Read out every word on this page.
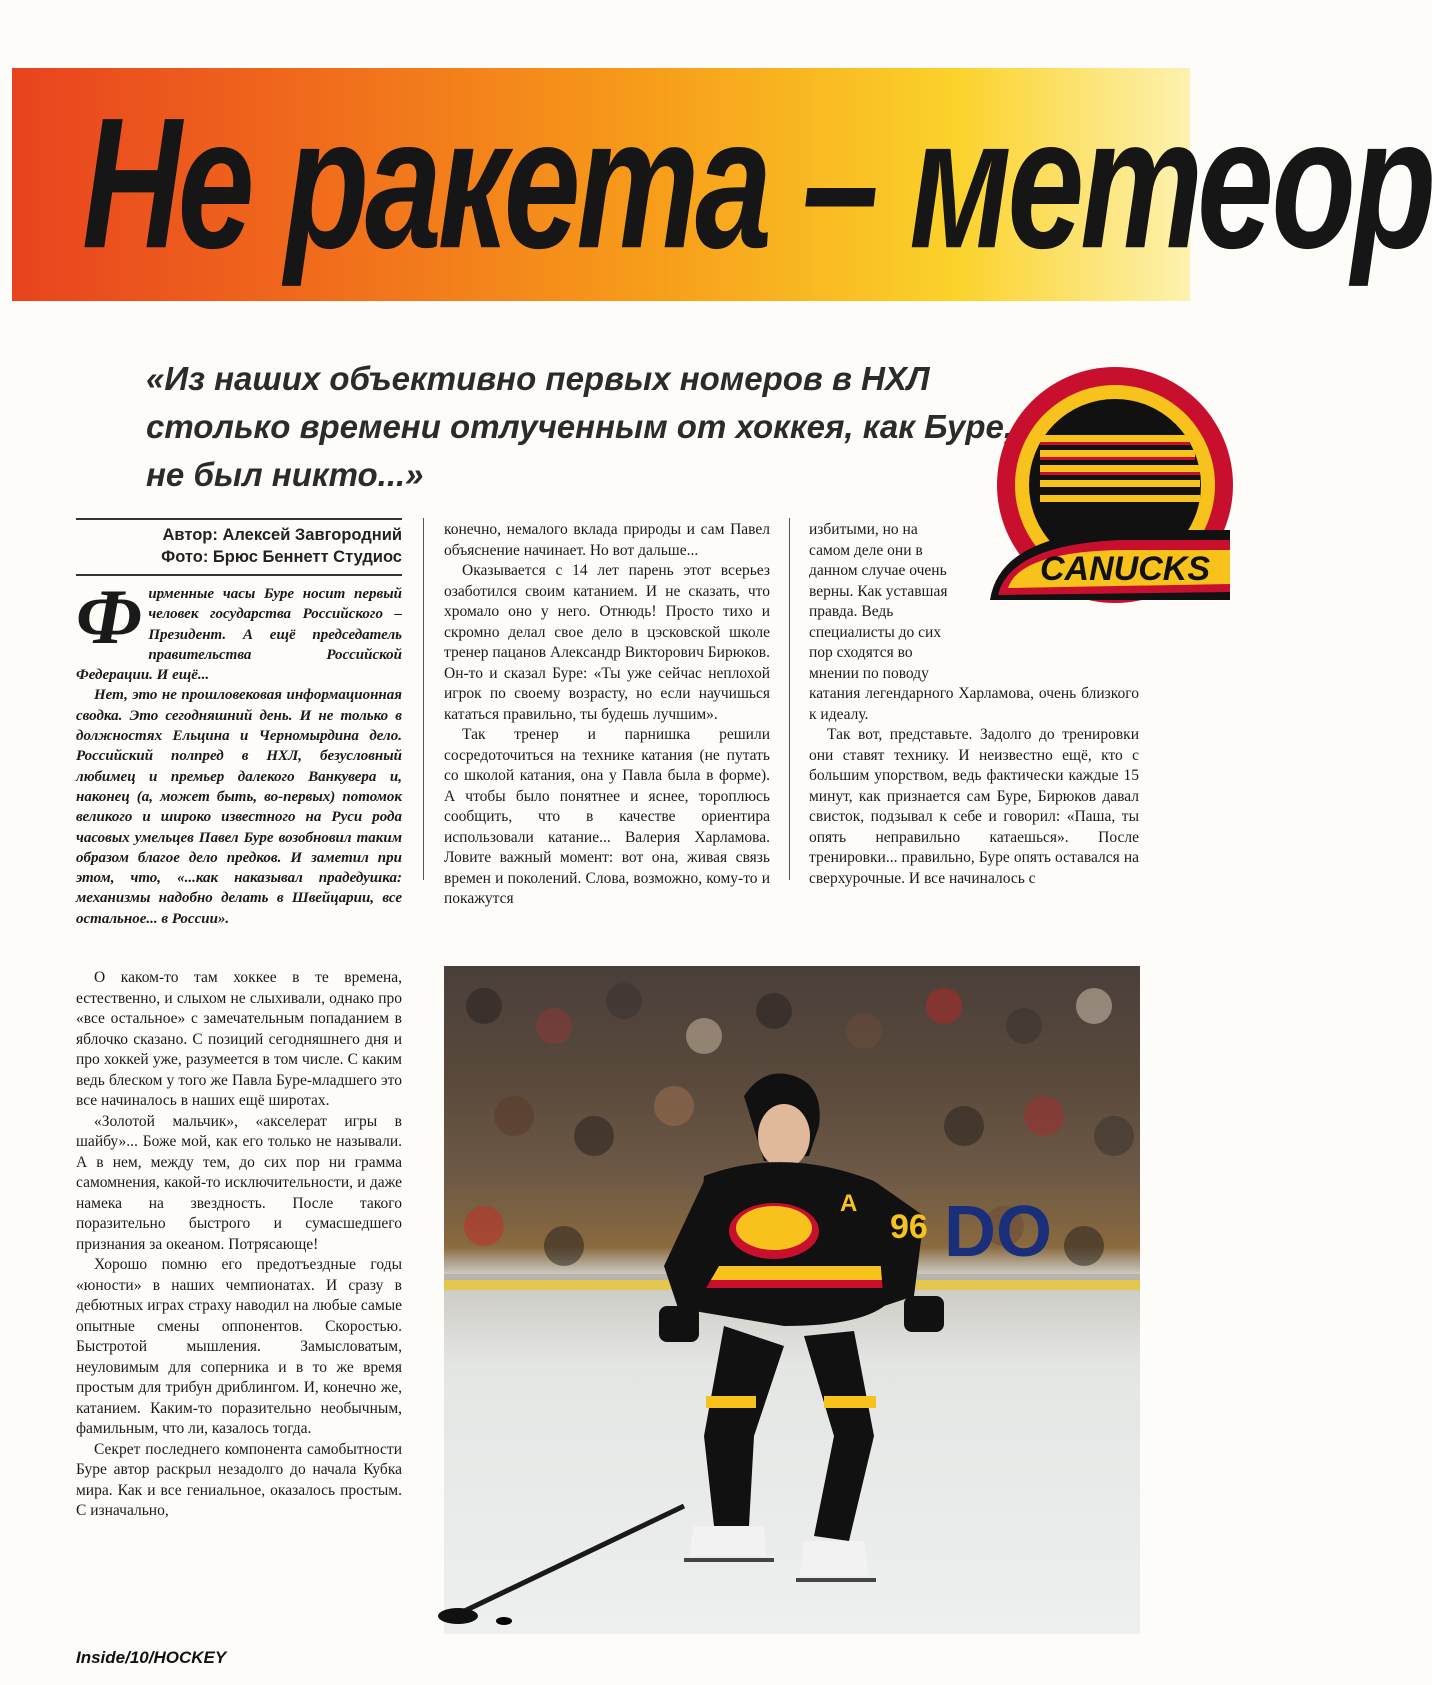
Не ракета – метеор
«Из наших объективно первых номеров в НХЛ столько времени отлученным от хоккея, как Буре, не был никто...»
CANUCKS
Автор: Алексей Завгородний
Фото: Брюс Беннетт Студиос

Фирменные часы Буре носит первый человек государства Российского – Президент. А ещё председатель правительства Российской Федерации. И ещё...

Нет, это не прошловековая информационная сводка. Это сегодняшний день. И не только в должностях Ельцина и Черномырдина дело. Российский полпред в НХЛ, безусловный любимец и премьер далекого Ванкувера и, наконец (а, может быть, во-первых) потомок великого и широко известного на Руси рода часовых умельцев Павел Буре возобновил таким образом благое дело предков. И заметил при этом, что, «...как наказывал прадедушка: механизмы надобно делать в Швейцарии, все остальное... в России».

О каком-то там хоккее в те времена, естественно, и слыхом не слыхивали, однако про «все остальное» с замечательным попаданием в яблочко сказано. С позиций сегодняшнего дня и про хоккей уже, разумеется в том числе. С каким ведь блеском у того же Павла Буре-младшего это все начиналось в наших ещё широтах.

«Золотой мальчик», «акселерат игры в шайбу»... Боже мой, как его только не называли. А в нем, между тем, до сих пор ни грамма самомнения, какой-то исключительности, и даже намека на звездность. После такого поразительно быстрого и сумасшедшего признания за океаном. Потрясающе!

Хорошо помню его предотъездные годы «юности» в наших чемпионатах. И сразу в дебютных играх страху наводил на любые самые опытные смены оппонентов. Скоростью. Быстротой мышления. Замысловатым, неуловимым для соперника и в то же время простым для трибун дриблингом. И, конечно же, катанием. Каким-то поразительно необычным, фамильным, что ли, казалось тогда.

Секрет последнего компонента самобытности Буре автор раскрыл незадолго до начала Кубка мира. Как и все гениальное, оказалось простым. С изначально,

конечно, немалого вклада природы и сам Павел объяснение начинает. Но вот дальше...

Оказывается с 14 лет парень этот всерьез озаботился своим катанием. И не сказать, что хромало оно у него. Отнюдь! Просто тихо и скромно делал свое дело в цэсковской школе тренер пацанов Александр Викторович Бирюков. Он-то и сказал Буре: «Ты уже сейчас неплохой игрок по своему возрасту, но если научишься кататься правильно, ты будешь лучшим».

Так тренер и парнишка решили сосредоточиться на технике катания (не путать со школой катания, она у Павла была в форме). А чтобы было понятнее и яснее, тороплюсь сообщить, что в качестве ориентира использовали катание... Валерия Харламова. Ловите важный момент: вот она, живая связь времен и поколений. Слова, возможно, кому-то и покажутся

избитыми, но на самом деле они в данном случае очень верны. Как уставшая правда. Ведь специалисты до сих пор сходятся во

мнении по поводу

катания легендарного Харламова, очень близкого к идеалу.

Так вот, представьте. Задолго до тренировки они ставят технику. И неизвестно ещё, кто с большим упорством, ведь фактически каждые 15 минут, как признается сам Буре, Бирюков давал свисток, подзывал к себе и говорил: «Паша, ты опять неправильно катаешься». После тренировки... правильно, Буре опять оставался на сверхурочные. И все начиналось с

DO
96
A
Inside/10/HOCKEY
